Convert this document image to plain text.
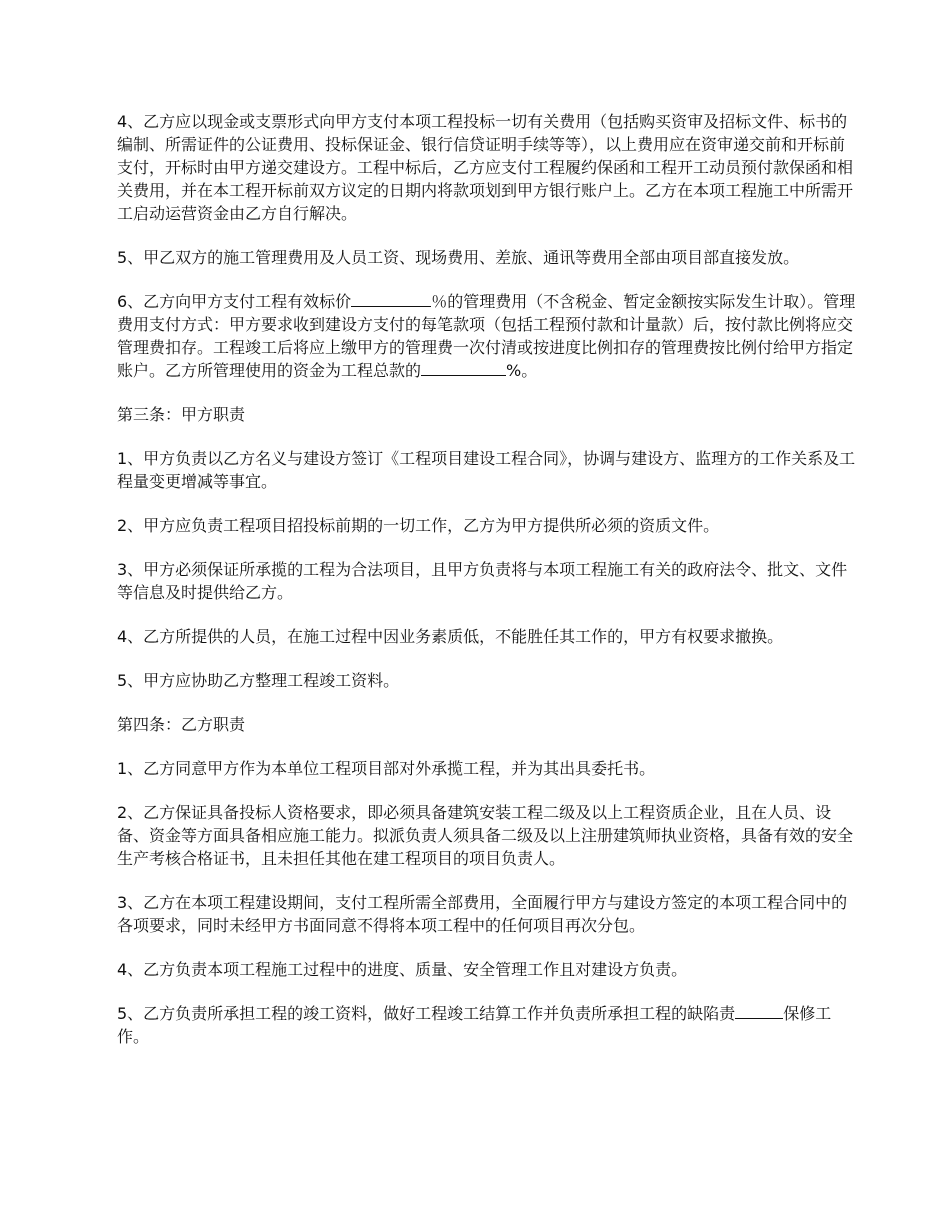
4、乙方应以现金或支票形式向甲方支付本项工程投标一切有关费用（包括购买资审及招标文件、标书的编制、所需证件的公证费用、投标保证金、银行信贷证明手续等等），以上费用应在资审递交前和开标前支付，开标时由甲方递交建设方。工程中标后，乙方应支付工程履约保函和工程开工动员预付款保函和相关费用，并在本工程开标前双方议定的日期内将款项划到甲方银行账户上。乙方在本项工程施工中所需开工启动运营资金由乙方自行解决。

5、甲乙双方的施工管理费用及人员工资、现场费用、差旅、通讯等费用全部由项目部直接发放。

6、乙方向甲方支付工程有效标价	％的管理费用（不含税金、暂定金额按实际发生计取）。管理费用支付方式：甲方要求收到建设方支付的每笔款项（包括工程预付款和计量款）后，按付款比例将应交管理费扣存。工程竣工后将应上缴甲方的管理费一次付清或按进度比例扣存的管理费按比例付给甲方指定账户。乙方所管理使用的资金为工程总款的	%。

第三条：甲方职责

1、甲方负责以乙方名义与建设方签订《工程项目建设工程合同》，协调与建设方、监理方的工作关系及工程量变更增减等事宜。

2、甲方应负责工程项目招投标前期的一切工作，乙方为甲方提供所必须的资质文件。

3、甲方必须保证所承揽的工程为合法项目，且甲方负责将与本项工程施工有关的政府法令、批文、文件等信息及时提供给乙方。

4、乙方所提供的人员，在施工过程中因业务素质低，不能胜任其工作的，甲方有权要求撤换。

5、甲方应协助乙方整理工程竣工资料。

第四条：乙方职责

1、乙方同意甲方作为本单位工程项目部对外承揽工程，并为其出具委托书。

2、乙方保证具备投标人资格要求，即必须具备建筑安装工程二级及以上工程资质企业，且在人员、设备、资金等方面具备相应施工能力。拟派负责人须具备二级及以上注册建筑师执业资格，具备有效的安全生产考核合格证书，且未担任其他在建工程项目的项目负责人。

3、乙方在本项工程建设期间，支付工程所需全部费用，全面履行甲方与建设方签定的本项工程合同中的各项要求，同时未经甲方书面同意不得将本项工程中的任何项目再次分包。

4、乙方负责本项工程施工过程中的进度、质量、安全管理工作且对建设方负责。

5、乙方负责所承担工程的竣工资料，做好工程竣工结算工作并负责所承担工程的缺陷责	保修工作。
